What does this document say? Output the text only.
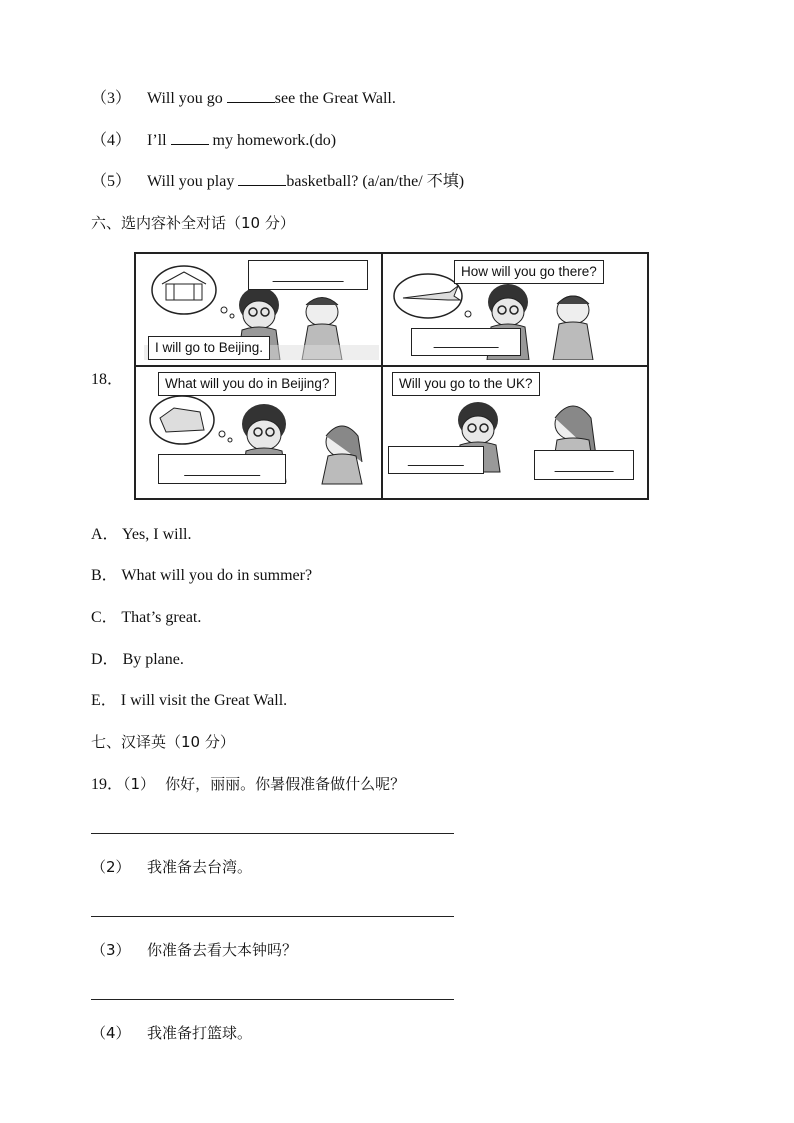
（3） Will you go	see the Great Wall.
（4） I’ll	my homework.(do)
（5） Will you play	basketball? (a/an/the/ 不填)
六、选内容补全对话（10 分）
18．
I will go to Beijing.
How will you go there?
What will you do in Beijing?	Will you go to the UK?
A． Yes, I will.
B． What will you do in summer?
C． That’s great.
D． By plane.
E． I will visit the Great Wall.
七、汉译英（10 分）
19．（1） 你好，丽丽。你暑假准备做什么呢？
（2） 我准备去台湾。
（3） 你准备去看大本钟吗？
（4） 我准备打篮球。
